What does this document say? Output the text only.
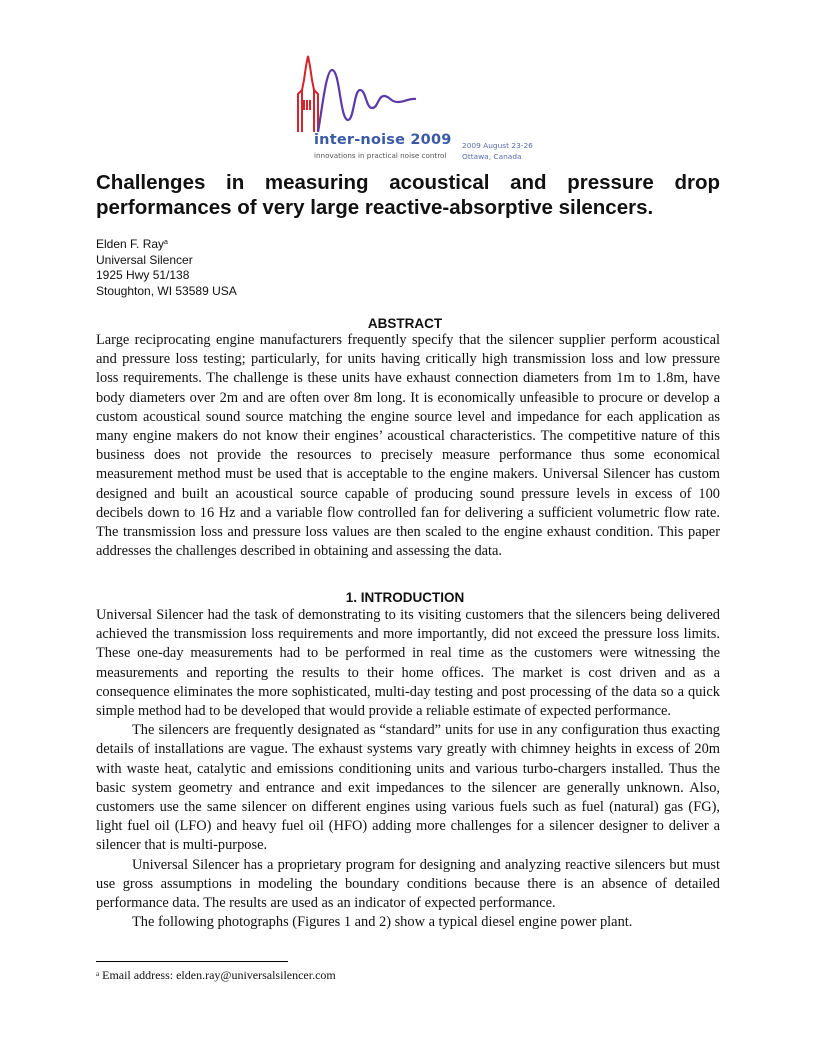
inter-noise 2009
innovations in practical noise control
2009 August 23-26
Ottawa, Canada
Challenges in measuring acoustical and pressure drop performances of very large reactive-absorptive silencers.
Elden F. Ray$^a$
Universal Silencer
1925 Hwy 51/138
Stoughton, WI 53589 USA
ABSTRACT

Large reciprocating engine manufacturers frequently specify that the silencer supplier perform acoustical and pressure loss testing; particularly, for units having critically high transmission loss and low pressure loss requirements. The challenge is these units have exhaust connection diameters from 1m to 1.8m, have body diameters over 2m and are often over 8m long. It is economically unfeasible to procure or develop a custom acoustical sound source matching the engine source level and impedance for each application as many engine makers do not know their engines’ acoustical characteristics. The competitive nature of this business does not provide the resources to precisely measure performance thus some economical measurement method must be used that is acceptable to the engine makers. Universal Silencer has custom designed and built an acoustical source capable of producing sound pressure levels in excess of 100 decibels down to 16 Hz and a variable flow controlled fan for delivering a sufficient volumetric flow rate. The transmission loss and pressure loss values are then scaled to the engine exhaust condition. This paper addresses the challenges described in obtaining and assessing the data.

1. INTRODUCTION

Universal Silencer had the task of demonstrating to its visiting customers that the silencers being delivered achieved the transmission loss requirements and more importantly, did not exceed the pressure loss limits. These one-day measurements had to be performed in real time as the customers were witnessing the measurements and reporting the results to their home offices. The market is cost driven and as a consequence eliminates the more sophisticated, multi-day testing and post processing of the data so a quick simple method had to be developed that would provide a reliable estimate of expected performance.

The silencers are frequently designated as “standard” units for use in any configuration thus exacting details of installations are vague. The exhaust systems vary greatly with chimney heights in excess of 20m with waste heat, catalytic and emissions conditioning units and various turbo-chargers installed. Thus the basic system geometry and entrance and exit impedances to the silencer are generally unknown. Also, customers use the same silencer on different engines using various fuels such as fuel (natural) gas (FG), light fuel oil (LFO) and heavy fuel oil (HFO) adding more challenges for a silencer designer to deliver a silencer that is multi-purpose.

Universal Silencer has a proprietary program for designing and analyzing reactive silencers but must use gross assumptions in modeling the boundary conditions because there is an absence of detailed performance data. The results are used as an indicator of expected performance.

The following photographs (Figures 1 and 2) show a typical diesel engine power plant.

$^a$ Email address: elden.ray@universalsilencer.com
